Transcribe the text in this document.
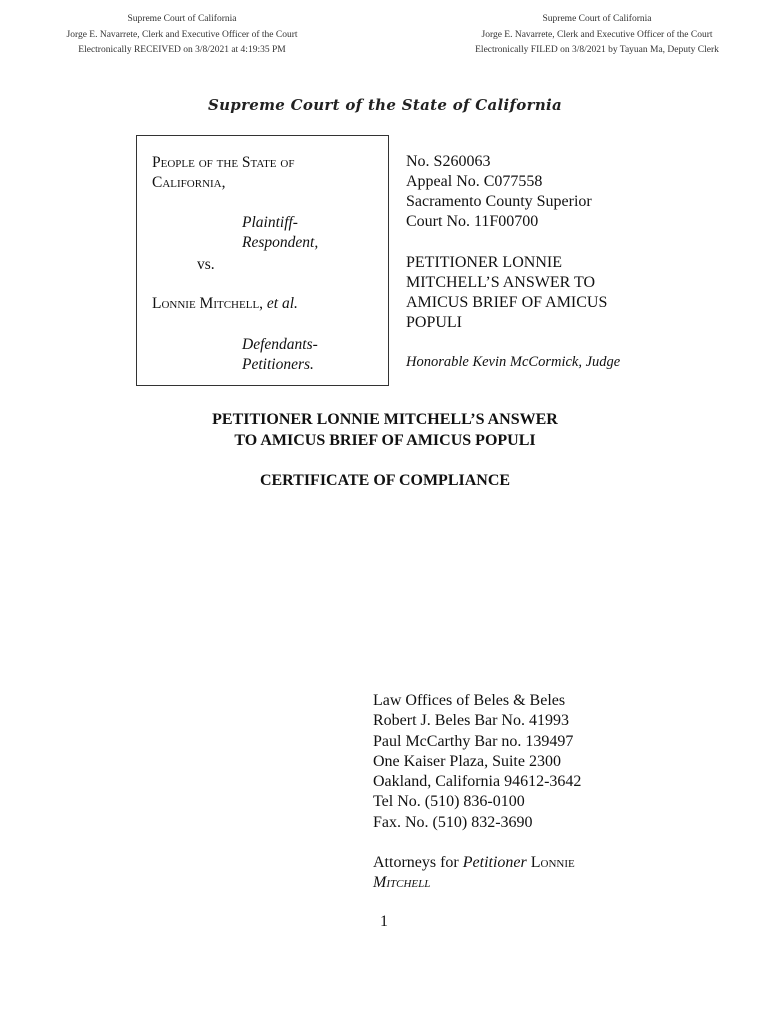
Supreme Court of California
Jorge E. Navarrete, Clerk and Executive Officer of the Court
Electronically RECEIVED on 3/8/2021 at 4:19:35 PM
Supreme Court of California
Jorge E. Navarrete, Clerk and Executive Officer of the Court
Electronically FILED on 3/8/2021 by Tayuan Ma, Deputy Clerk
Supreme Court of the State of California
People of the State of
California,
Plaintiff-
Respondent,
vs.
Lonnie Mitchell, et al.
Defendants-
Petitioners.
No. S260063
Appeal No. C077558
Sacramento County Superior
Court No. 11F00700
PETITIONER LONNIE
MITCHELL’S ANSWER TO
AMICUS BRIEF OF AMICUS
POPULI
Honorable Kevin McCormick, Judge
PETITIONER LONNIE MITCHELL’S ANSWER
TO AMICUS BRIEF OF AMICUS POPULI
CERTIFICATE OF COMPLIANCE
Law Offices of Beles & Beles
Robert J. Beles Bar No. 41993
Paul McCarthy Bar no. 139497
One Kaiser Plaza, Suite 2300
Oakland, California 94612-3642
Tel No. (510) 836-0100
Fax. No. (510) 832-3690
Attorneys for Petitioner Lonnie
Mitchell
1
